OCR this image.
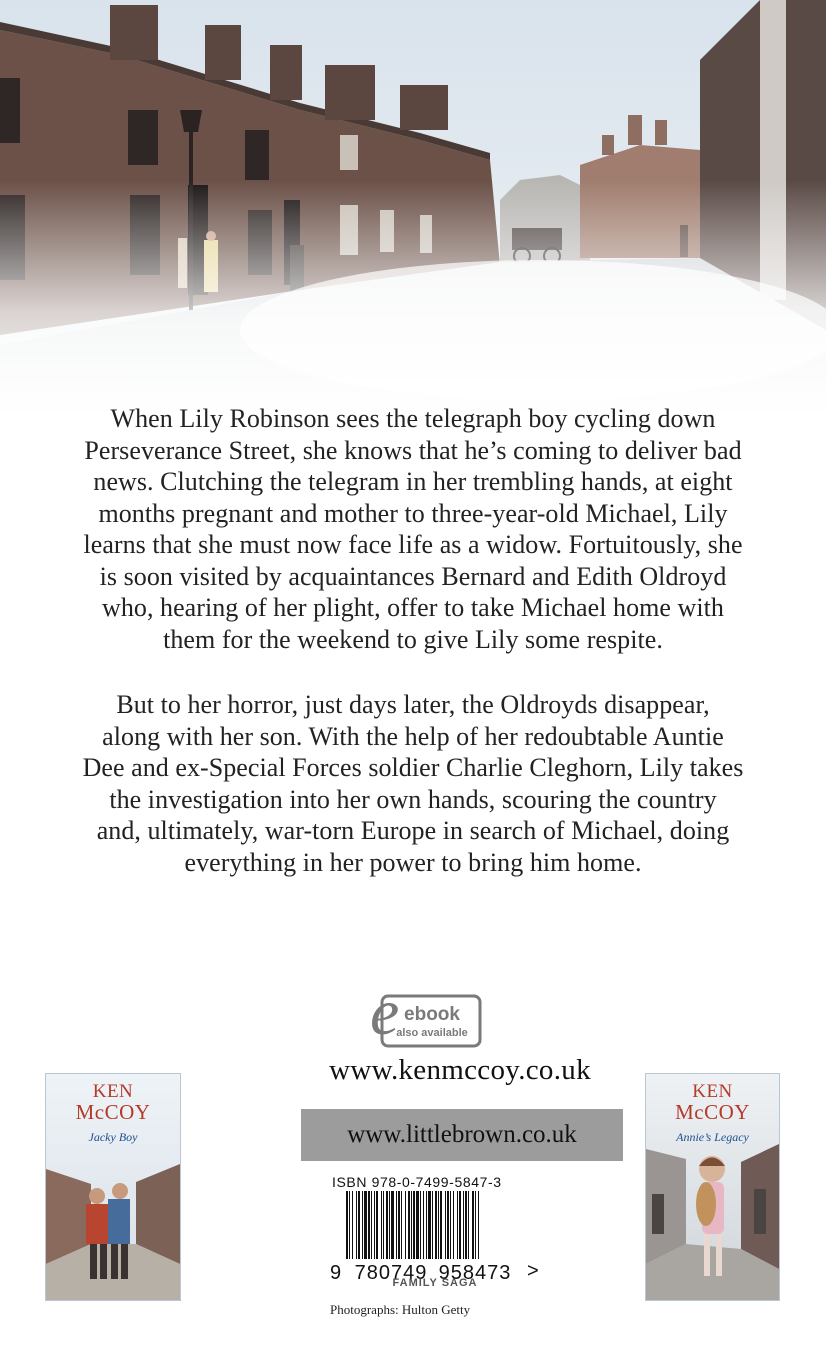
When Lily Robinson sees the telegraph boy cycling down
Perseverance Street, she knows that he’s coming to deliver bad
news. Clutching the telegram in her trembling hands, at eight
months pregnant and mother to three-year-old Michael, Lily
learns that she must now face life as a widow. Fortuitously, she
is soon visited by acquaintances Bernard and Edith Oldroyd
who, hearing of her plight, offer to take Michael home with
them for the weekend to give Lily some respite.

But to her horror, just days later, the Oldroyds disappear,
along with her son. With the help of her redoubtable Auntie
Dee and ex-Special Forces soldier Charlie Cleghorn, Lily takes
the investigation into her own hands, scouring the country
and, ultimately, war-torn Europe in search of Michael, doing
everything in her power to bring him home.

e ebook
also available
www.kenmccoy.co.uk
www.littlebrown.co.uk
ISBN 978-0-7499-5847-3
9 780749 958473 >
FAMILY SAGA
Photographs: Hulton Getty
KEN
McCOY
Jacky Boy
KEN
McCOY
Annie’s Legacy
